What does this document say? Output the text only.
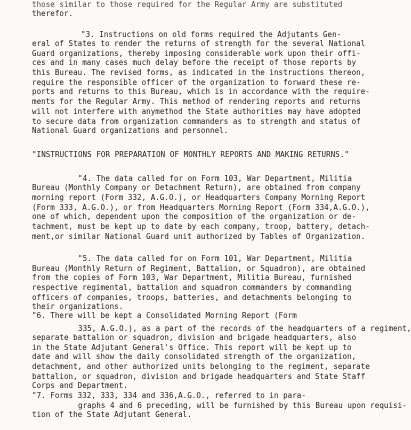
those similar to those required for the Regular Army are substituted
therefor.
"3. Instructions on old forms required the Adjutants Gen-
eral of States to render the returns of strength for the several National
Guard organizations, thereby imposing considerable work upon their offi-
ces and in many cases much delay before the receipt of those reports by
this Bureau. The revised forms, as indicated in the instructions thereon,
require the responsible officer of the organization to forward these re-
ports and returns to this Bureau, which is in accordance with the require-
ments for the Regular Army. This method of rendering reports and returns
will not interfere with anymethod the State authorities may have adopted
to secure data from organization commanders as to strength and status of
National Guard organizations and personnel.
"INSTRUCTIONS FOR PREPARATION OF MONTHLY REPORTS AND MAKING RETURNS."
"4. The data called for on Form 103, War Department, Militia
Bureau (Monthly Company or Detachment Return), are obtained from company
morning report (Form 332, A.G.O.), or Headquarters Company Morning Report
(Form 333, A.G.O.), or from Headquarters Morning Report (Form 334,A.G.O.),
one of which, dependent upon the composition of the organization or de-
tachment, must be kept up to date by each company, troop, battery, detach-
ment,or similar National Guard unit authorized by Tables of Organization.
"5. The data called for on Form 101, War Department, Militia
Bureau (Monthly Return of Regiment, Battalion, or Squadron), are obtained
from the copies of Form 103, War Department, Militia Bureau, furnished
respective regimental, battalion and squadron commanders by commanding
officers of companies, troops, batteries, and detachments belonging to
their organizations.
"6. There will be kept a Consolidated Morning Report (Form
335, A.G.O.), as a part of the records of the headquarters of a regiment,
separate battalion or squadron, division and brigade headquarters, also
in the State Adjutant General's Office. This report will be kept up to
date and will show the daily consolidated strength of the organization,
detachment, and other authorized units belonging to the regiment, separate
battalion, or squadron, division and brigade headquarters and State Staff
Corps and Department.
"7. Forms 332, 333, 334 and 336,A.G.O., referred to in para-
graphs 4 and 6 preceding, will be furnished by this Bureau upon requisi-
tion of the State Adjutant General.
